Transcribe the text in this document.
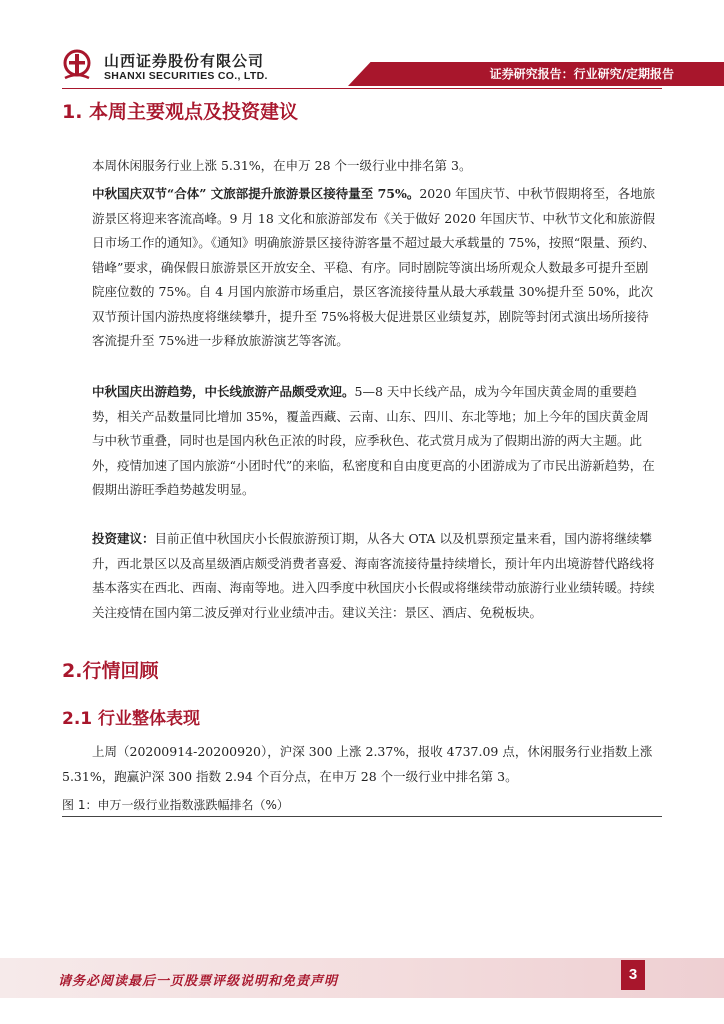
山西证券股份有限公司
SHANXI SECURITIES CO., LTD.	证券研究报告：行业研究/定期报告
1. 本周主要观点及投资建议
本周休闲服务行业上涨 5.31%，在申万 28 个一级行业中排名第 3。
中秋国庆双节“合体” 文旅部提升旅游景区接待量至 75%。2020 年国庆节、中秋节假期将至，各地旅游景区将迎来客流高峰。9 月 18 文化和旅游部发布《关于做好 2020 年国庆节、中秋节文化和旅游假日市场工作的通知》。《通知》明确旅游景区接待游客量不超过最大承载量的 75%，按照“限量、预约、错峰”要求，确保假日旅游景区开放安全、平稳、有序。同时剧院等演出场所观众人数最多可提升至剧院座位数的 75%。自 4 月国内旅游市场重启，景区客流接待量从最大承载量 30%提升至 50%，此次双节预计国内游热度将继续攀升，提升至 75%将极大促进景区业绩复苏，剧院等封闭式演出场所接待客流提升至 75%进一步释放旅游演艺等客流。
中秋国庆出游趋势，中长线旅游产品颇受欢迎。5—8 天中长线产品，成为今年国庆黄金周的重要趋势，相关产品数量同比增加 35%，覆盖西藏、云南、山东、四川、东北等地；加上今年的国庆黄金周与中秋节重叠，同时也是国内秋色正浓的时段，应季秋色、花式赏月成为了假期出游的两大主题。此外，疫情加速了国内旅游“小团时代”的来临，私密度和自由度更高的小团游成为了市民出游新趋势，在假期出游旺季趋势越发明显。
投资建议：目前正值中秋国庆小长假旅游预订期，从各大 OTA 以及机票预定量来看，国内游将继续攀升，西北景区以及高星级酒店颇受消费者喜爱、海南客流接待量持续增长，预计年内出境游替代路线将基本落实在西北、西南、海南等地。进入四季度中秋国庆小长假或将继续带动旅游行业业绩转暖。持续关注疫情在国内第二波反弹对行业业绩冲击。建议关注：景区、酒店、免税板块。
2.行情回顾
2.1 行业整体表现
上周（20200914-20200920），沪深 300 上涨 2.37%，报收 4737.09 点，休闲服务行业指数上涨 5.31%，跑赢沪深 300 指数 2.94 个百分点，在申万 28 个一级行业中排名第 3。
图 1：申万一级行业指数涨跌幅排名（%）
请务必阅读最后一页股票评级说明和免责声明	3
